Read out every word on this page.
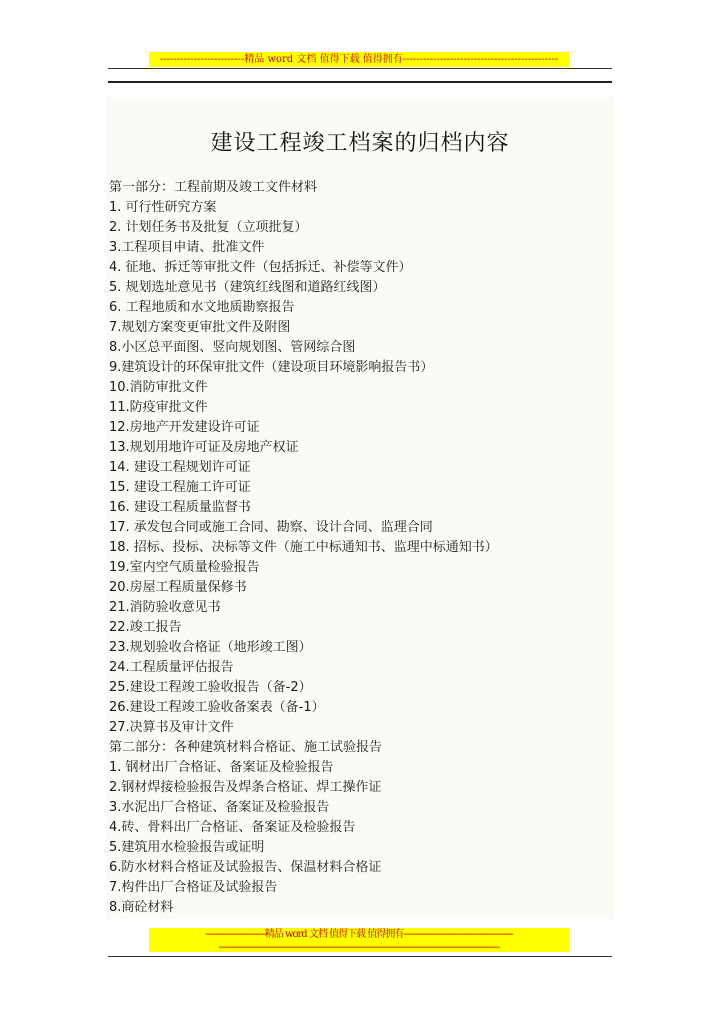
-------------------------精品 word 文档 值得下载 值得拥有----------------------------------------------
建设工程竣工档案的归档内容
第一部分：工程前期及竣工文件材料
1. 可行性研究方案
2. 计划任务书及批复（立项批复）
3.工程项目申请、批准文件
4. 征地、拆迁等审批文件（包括拆迁、补偿等文件）
5. 规划选址意见书（建筑红线图和道路红线图）
6. 工程地质和水文地质勘察报告
7.规划方案变更审批文件及附图
8.小区总平面图、竖向规划图、管网综合图
9.建筑设计的环保审批文件（建设项目环境影响报告书）
10.消防审批文件
11.防疫审批文件
12.房地产开发建设许可证
13.规划用地许可证及房地产权证
14. 建设工程规划许可证
15. 建设工程施工许可证
16. 建设工程质量监督书
17. 承发包合同或施工合同、勘察、设计合同、监理合同
18. 招标、投标、决标等文件（施工中标通知书、监理中标通知书）
19.室内空气质量检验报告
20.房屋工程质量保修书
21.消防验收意见书
22.竣工报告
23.规划验收合格证（地形竣工图）
24.工程质量评估报告
25.建设工程竣工验收报告（备-2）
26.建设工程竣工验收备案表（备-1）
27.决算书及审计文件
第二部分：各种建筑材料合格证、施工试验报告
1. 钢材出厂合格证、备案证及检验报告
2.钢材焊接检验报告及焊条合格证、焊工操作证
3.水泥出厂合格证、备案证及检验报告
4.砖、骨料出厂合格证、备案证及检验报告
5.建筑用水检验报告或证明
6.防水材料合格证及试验报告、保温材料合格证
7.构件出厂合格证及试验报告
8.商砼材料
-------------------------精品 word 文档 值得下载 值得拥有----------------------------------------------
----------------------------------------------------------------------------------------------------------------------
